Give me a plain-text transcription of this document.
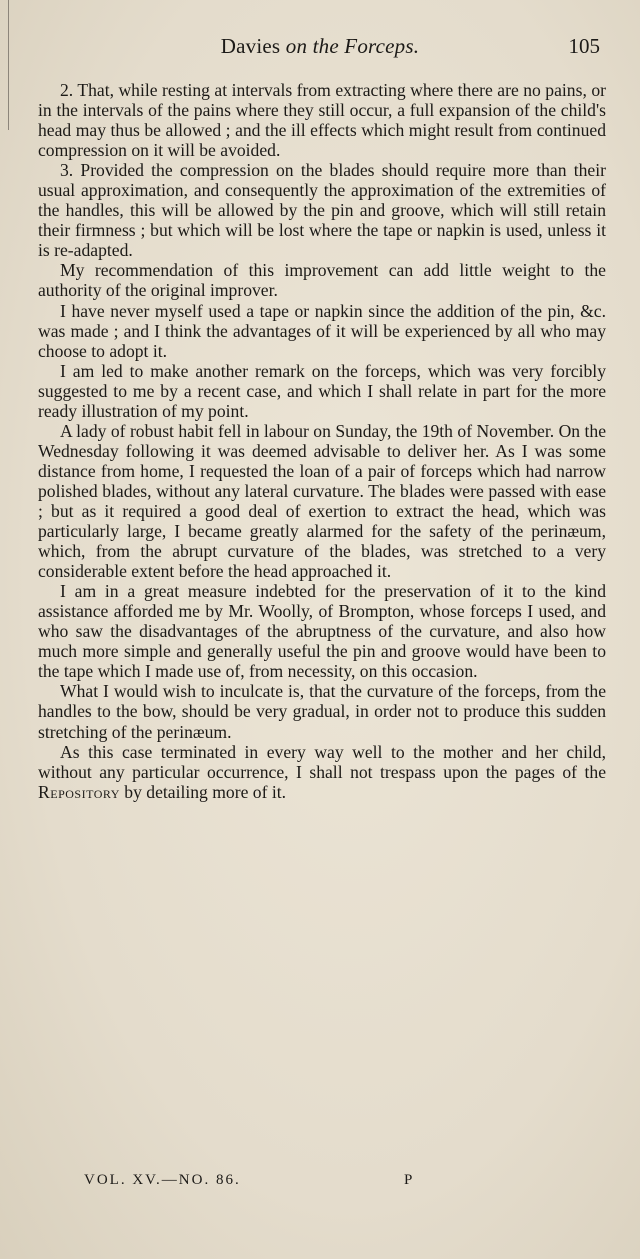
Davies on the Forceps.	105

2. That, while resting at intervals from extracting where there are no pains, or in the intervals of the pains where they still occur, a full expansion of the child's head may thus be allowed ; and the ill effects which might result from continued compression on it will be avoided.

3. Provided the compression on the blades should require more than their usual approximation, and consequently the approximation of the extremities of the handles, this will be allowed by the pin and groove, which will still retain their firmness ; but which will be lost where the tape or napkin is used, unless it is re-adapted.

My recommendation of this improvement can add little weight to the authority of the original improver.

I have never myself used a tape or napkin since the addition of the pin, &c. was made ; and I think the advantages of it will be experienced by all who may choose to adopt it.

I am led to make another remark on the forceps, which was very forcibly suggested to me by a recent case, and which I shall relate in part for the more ready illustration of my point.

A lady of robust habit fell in labour on Sunday, the 19th of November. On the Wednesday following it was deemed advisable to deliver her. As I was some distance from home, I requested the loan of a pair of forceps which had narrow polished blades, without any lateral curvature. The blades were passed with ease ; but as it required a good deal of exertion to extract the head, which was particularly large, I became greatly alarmed for the safety of the perinæum, which, from the abrupt curvature of the blades, was stretched to a very considerable extent before the head approached it.

I am in a great measure indebted for the preservation of it to the kind assistance afforded me by Mr. Woolly, of Brompton, whose forceps I used, and who saw the disadvantages of the abruptness of the curvature, and also how much more simple and generally useful the pin and groove would have been to the tape which I made use of, from necessity, on this occasion.

What I would wish to inculcate is, that the curvature of the forceps, from the handles to the bow, should be very gradual, in order not to produce this sudden stretching of the perinæum.

As this case terminated in every way well to the mother and her child, without any particular occurrence, I shall not trespass upon the pages of the Repository by detailing more of it.

VOL. XV.—NO. 86.	P
